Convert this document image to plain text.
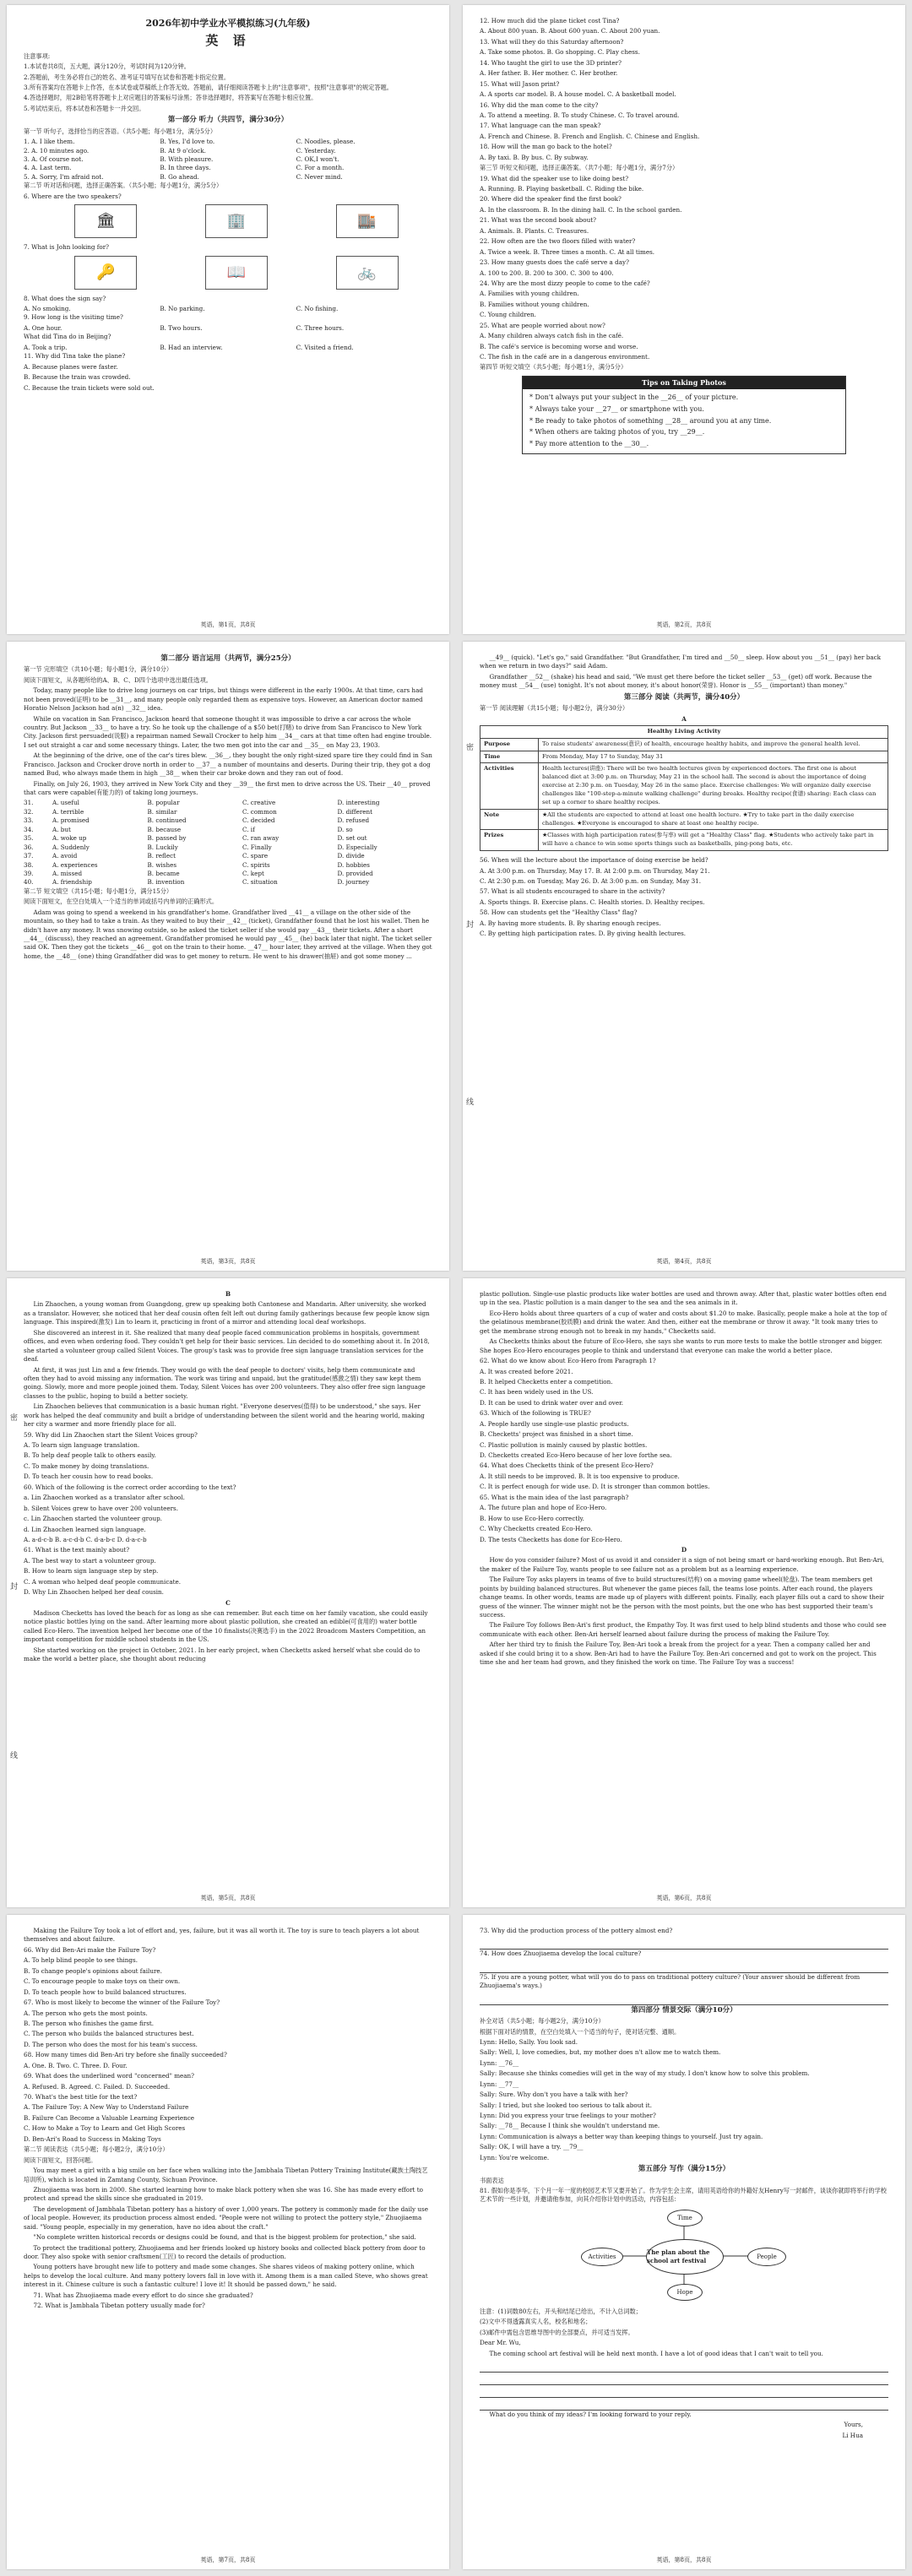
2026年初中学业水平模拟练习(九年级)

英 语

注意事项:

1.本试卷共8页，五大题，满分120分，考试时间为120分钟。

2.答题前，考生务必将自己的姓名、准考证号填写在试卷和答题卡指定位置。

3.所有答案均在答题卡上作答，在本试卷或草稿纸上作答无效。答题前，请仔细阅读答题卡上的"注意事项"，按照"注意事项"的规定答题。

4.答选择题时，用2B铅笔将答题卡上对应题目的答案标号涂黑；答非选择题时，将答案写在答题卡相应位置。

5.考试结束后，将本试卷和答题卡一并交回。

第一部分 听力（共四节，满分30分）

第一节 听句子，选择恰当的应答语。（共5小题；每小题1分，满分5分）

1. A. I like them.	B. Yes, I'd love to.	C. Noodles, please.
2. A. 10 minutes ago.	B. At 9 o'clock.	C. Yesterday.
3. A. Of course not.	B. With pleasure.	C. OK,I won't.
4. A. Last term.	B. In three days.	C. For a month.
5. A. Sorry, I'm afraid not.	B. Go ahead.	C. Never mind.

第二节 听对话和问题，选择正确答案。（共5小题；每小题1分，满分5分）

6. Where are the two speakers?

🏛	🏢	🏬

7. What is John looking for?

🔑	📖	🚲

8. What does the sign say?

A. No smoking.	B. No parking.	C. No fishing.

9. How long is the visiting time?

A. One hour.	B. Two hours.	C. Three hours.

What did Tina do in Beijing?

A. Took a trip.	B. Had an interview.	C. Visited a friend.

11. Why did Tina take the plane?

A. Because planes were faster.

B. Because the train was crowded.

C. Because the train tickets were sold out.

英语，第1页，共8页

12. How much did the plane ticket cost Tina?

A. About 800 yuan. B. About 600 yuan. C. About 200 yuan.

13. What will they do this Saturday afternoon?

A. Take some photos. B. Go shopping. C. Play chess.

14. Who taught the girl to use the 3D printer?

A. Her father. B. Her mother. C. Her brother.

15. What will Jason print?

A. A sports car model. B. A house model. C. A basketball model.

16. Why did the man come to the city?

A. To attend a meeting. B. To study Chinese. C. To travel around.

17. What language can the man speak?

A. French and Chinese. B. French and English. C. Chinese and English.

18. How will the man go back to the hotel?

A. By taxi. B. By bus. C. By subway.

第三节 听短文和问题，选择正确答案。（共7小题；每小题1分，满分7分）

19. What did the speaker use to like doing best?

A. Running. B. Playing basketball. C. Riding the bike.

20. Where did the speaker find the first book?

A. In the classroom. B. In the dining hall. C. In the school garden.

21. What was the second book about?

A. Animals. B. Plants. C. Treasures.

22. How often are the two floors filled with water?

A. Twice a week. B. Three times a month. C. At all times.

23. How many guests does the café serve a day?

A. 100 to 200. B. 200 to 300. C. 300 to 400.

24. Why are the most dizzy people to come to the café?

A. Families with young children.

B. Families without young children.

C. Young children.

25. What are people worried about now?

A. Many children always catch fish in the café.

B. The café's service is becoming worse and worse.

C. The fish in the café are in a dangerous environment.

第四节 听短文填空（共5小题；每小题1分，满分5分）

Tips on Taking Photos

* Don't always put your subject in the __26__ of your picture.

* Always take your __27__ or smartphone with you.

* Be ready to take photos of something __28__ around you at any time.

* When others are taking photos of you, try __29__.

* Pay more attention to the __30__.

英语，第2页，共8页

第二部分 语言运用（共两节，满分25分）

第一节 完形填空（共10小题；每小题1分，满分10分）

阅读下面短文，从各题所给的A、B、C、D四个选项中选出最佳选项。

Today, many people like to drive long journeys on car trips, but things were different in the early 1900s. At that time, cars had not been proved(证明) to be __31__, and many people only regarded them as expensive toys. However, an American doctor named Horatio Nelson Jackson had a(n) __32__ idea.

While on vacation in San Francisco, Jackson heard that someone thought it was impossible to drive a car across the whole country. But Jackson __33__ to have a try. So he took up the challenge of a $50 bet(打赌) to drive from San Francisco to New York City. Jackson first persuaded(说服) a repairman named Sewall Crocker to help him __34__ cars at that time often had engine trouble. I set out straight a car and some necessary things. Later, the two men got into the car and __35__ on May 23, 1903.

At the beginning of the drive, one of the car's tires blew. __36__, they bought the only right-sized spare tire they could find in San Francisco. Jackson and Crocker drove north in order to __37__ a number of mountains and deserts. During their trip, they got a dog named Bud, who always made them in high __38__ when their car broke down and they ran out of food.

Finally, on July 26, 1903, they arrived in New York City and they __39__ the first men to drive across the US. Their __40__ proved that cars were capable(有能力的) of taking long journeys.

31.	A. useful	B. popular	C. creative	D. interesting
32.	A. terrible	B. similar	C. common	D. different
33.	A. promised	B. continued	C. decided	D. refused
34.	A. but	B. because	C. if	D. so
35.	A. woke up	B. passed by	C. ran away	D. set out
36.	A. Suddenly	B. Luckily	C. Finally	D. Especially
37.	A. avoid	B. reflect	C. spare	D. divide
38.	A. experiences	B. wishes	C. spirits	D. hobbies
39.	A. missed	B. became	C. kept	D. provided
40.	A. friendship	B. invention	C. situation	D. journey

第二节 短文填空（共15小题；每小题1分，满分15分）

阅读下面短文，在空白处填入一个适当的单词或括号内单词的正确形式。

Adam was going to spend a weekend in his grandfather's home. Grandfather lived __41__ a village on the other side of the mountain, so they had to take a train. As they waited to buy their __42__ (ticket), Grandfather found that he lost his wallet. Then he didn't have any money. It was snowing outside, so he asked the ticket seller if she would pay __43__ their tickets. After a short __44__ (discuss), they reached an agreement. Grandfather promised he would pay __45__ (he) back later that night. The ticket seller said OK. Then they got the tickets __46__ got on the train to their home. __47__ hour later, they arrived at the village. When they got home, the __48__ (one) thing Grandfather did was to get money to return. He went to his drawer(抽屉) and got some money ...

英语，第3页，共8页
密
封
线

__49__ (quick). "Let's go," said Grandfather. "But Grandfather, I'm tired and __50__ sleep. How about you __51__ (pay) her back when we return in two days?" said Adam.

Grandfather __52__ (shake) his head and said, "We must get there before the ticket seller __53__ (get) off work. Because the money must __54__ (use) tonight. It's not about money, it's about honor(荣誉). Honor is __55__ (important) than money."

第三部分 阅读（共两节，满分40分）

第一节 阅读理解（共15小题；每小题2分，满分30分）

A

Healthy Living Activity	
Purpose	To raise students' awareness(意识) of health, encourage healthy habits, and improve the general health level.
Time	From Monday, May 17 to Sunday, May 31
Activities	Health lectures(讲座): There will be two health lectures given by experienced doctors. The first one is about balanced diet at 3:00 p.m. on Thursday, May 21 in the school hall. The second is about the importance of doing exercise at 2:30 p.m. on Tuesday, May 26 in the same place. Exercise challenges: We will organize daily exercise challenges like "100-step-a-minute walking challenge" during breaks. Healthy recipe(食谱) sharing: Each class can set up a corner to share healthy recipes.
Note	★All the students are expected to attend at least one health lecture. ★Try to take part in the daily exercise challenges. ★Everyone is encouraged to share at least one healthy recipe.
Prizes	★Classes with high participation rates(参与率) will get a "Healthy Class" flag. ★Students who actively take part in will have a chance to win some sports things such as basketballs, ping-pong bats, etc.

56. When will the lecture about the importance of doing exercise be held?

A. At 3:00 p.m. on Thursday, May 17. B. At 2:00 p.m. on Thursday, May 21.

C. At 2:30 p.m. on Tuesday, May 26. D. At 3:00 p.m. on Sunday, May 31.

57. What is all students encouraged to share in the activity?

A. Sports things. B. Exercise plans. C. Health stories. D. Healthy recipes.

58. How can students get the "Healthy Class" flag?

A. By having more students. B. By sharing enough recipes.

C. By getting high participation rates. D. By giving health lectures.

英语，第4页，共8页
密
封
线

B

Lin Zhaochen, a young woman from Guangdong, grew up speaking both Cantonese and Mandarin. After university, she worked as a translator. However, she noticed that her deaf cousin often felt left out during family gatherings because few people know sign language. This inspired(激发) Lin to learn it, practicing in front of a mirror and attending local deaf workshops.

She discovered an interest in it. She realized that many deaf people faced communication problems in hospitals, government offices, and even when ordering food. They couldn't get help for their basic services. Lin decided to do something about it. In 2018, she started a volunteer group called Silent Voices. The group's task was to provide free sign language translation services for the deaf.

At first, it was just Lin and a few friends. They would go with the deaf people to doctors' visits, help them communicate and often they had to avoid missing any information. The work was tiring and unpaid, but the gratitude(感激之情) they saw kept them going. Slowly, more and more people joined them. Today, Silent Voices has over 200 volunteers. They also offer free sign language classes to the public, hoping to build a better society.

Lin Zhaochen believes that communication is a basic human right. "Everyone deserves(值得) to be understood," she says. Her work has helped the deaf community and built a bridge of understanding between the silent world and the hearing world, making her city a warmer and more friendly place for all.

59. Why did Lin Zhaochen start the Silent Voices group?

A. To learn sign language translation.

B. To help deaf people talk to others easily.

C. To make money by doing translations.

D. To teach her cousin how to read books.

60. Which of the following is the correct order according to the text?

a. Lin Zhaochen worked as a translator after school.

b. Silent Voices grew to have over 200 volunteers.

c. Lin Zhaochen started the volunteer group.

d. Lin Zhaochen learned sign language.

A. a-d-c-b B. a-c-d-b C. d-a-b-c D. d-a-c-b

61. What is the text mainly about?

A. The best way to start a volunteer group.

B. How to learn sign language step by step.

C. A woman who helped deaf people communicate.

D. Why Lin Zhaochen helped her deaf cousin.

C

Madison Checketts has loved the beach for as long as she can remember. But each time on her family vacation, she could easily notice plastic bottles lying on the sand. After learning more about plastic pollution, she created an edible(可食用的) water bottle called Eco-Hero. The invention helped her become one of the 10 finalists(决赛选手) in the 2022 Broadcom Masters Competition, an important competition for middle school students in the US.

She started working on the project in October, 2021. In her early project, when Checketts asked herself what she could do to make the world a better place, she thought about reducing

英语，第5页，共8页

plastic pollution. Single-use plastic products like water bottles are used and thrown away. After that, plastic water bottles often end up in the sea. Plastic pollution is a main danger to the sea and the sea animals in it.

Eco-Hero holds about three quarters of a cup of water and costs about $1.20 to make. Basically, people make a hole at the top of the gelatinous membrane(胶质膜) and drink the water. And then, either eat the membrane or throw it away. "It took many tries to get the membrane strong enough not to break in my hands," Checketts said.

As Checketts thinks about the future of Eco-Hero, she says she wants to run more tests to make the bottle stronger and bigger. She hopes Eco-Hero encourages people to think and understand that everyone can make the world a better place.

62. What do we know about Eco-Hero from Paragraph 1?

A. It was created before 2021.

B. It helped Checketts enter a competition.

C. It has been widely used in the US.

D. It can be used to drink water over and over.

63. Which of the following is TRUE?

A. People hardly use single-use plastic products.

B. Checketts' project was finished in a short time.

C. Plastic pollution is mainly caused by plastic bottles.

D. Checketts created Eco-Hero because of her love forthe sea.

64. What does Checketts think of the present Eco-Hero?

A. It still needs to be improved. B. It is too expensive to produce.

C. It is perfect enough for wide use. D. It is stronger than common bottles.

65. What is the main idea of the last paragraph?

A. The future plan and hope of Eco-Hero.

B. How to use Eco-Hero correctly.

C. Why Checketts created Eco-Hero.

D. The tests Checketts has done for Eco-Hero.

D

How do you consider failure? Most of us avoid it and consider it a sign of not being smart or hard-working enough. But Ben-Ari, the maker of the Failure Toy, wants people to see failure not as a problem but as a learning experience.

The Failure Toy asks players in teams of five to build structures(结构) on a moving game wheel(轮盘). The team members get points by building balanced structures. But whenever the game pieces fall, the teams lose points. After each round, the players change teams. In other words, teams are made up of players with different points. Finally, each player fills out a card to show their guess of the winner. The winner might not be the person with the most points, but the one who has best supported their team's success.

The Failure Toy follows Ben-Ari's first product, the Empathy Toy. It was first used to help blind students and those who could see communicate with each other. Ben-Ari herself learned about failure during the process of making the Failure Toy.

After her third try to finish the Failure Toy, Ben-Ari took a break from the project for a year. Then a company called her and asked if she could bring it to a show. Ben-Ari had to have the Failure Toy. Ben-Ari concerned and got to work on the project. This time she and her team had grown, and they finished the work on time. The Failure Toy was a success!

英语，第6页，共8页

Making the Failure Toy took a lot of effort and, yes, failure, but it was all worth it. The toy is sure to teach players a lot about themselves and about failure.

66. Why did Ben-Ari make the Failure Toy?

A. To help blind people to see things.

B. To change people's opinions about failure.

C. To encourage people to make toys on their own.

D. To teach people how to build balanced structures.

67. Who is most likely to become the winner of the Failure Toy?

A. The person who gets the most points.

B. The person who finishes the game first.

C. The person who builds the balanced structures best.

D. The person who does the most for his team's success.

68. How many times did Ben-Ari try before she finally succeeded?

A. One. B. Two. C. Three. D. Four.

69. What does the underlined word "concerned" mean?

A. Refused. B. Agreed. C. Failed. D. Succeeded.

70. What's the best title for the text?

A. The Failure Toy: A New Way to Understand Failure

B. Failure Can Become a Valuable Learning Experience

C. How to Make a Toy to Learn and Get High Scores

D. Ben-Ari's Road to Success in Making Toys

第二节 阅读表达（共5小题；每小题2分，满分10分）

阅读下面短文，回答问题。

You may meet a girl with a big smile on her face when walking into the Jambhala Tibetan Pottery Training Institute(藏族土陶技艺培训所), which is located in Zamtang County, Sichuan Province.

Zhuojiaema was born in 2000. She started learning how to make black pottery when she was 16. She has made every effort to protect and spread the skills since she graduated in 2019.

The development of Jambhala Tibetan pottery has a history of over 1,000 years. The pottery is commonly made for the daily use of local people. However, its production process almost ended. "People were not willing to protect the pottery style," Zhuojiaema said. "Young people, especially in my generation, have no idea about the craft."

"No complete written historical records or designs could be found, and that is the biggest problem for protection," she said.

To protect the traditional pottery, Zhuojiaema and her friends looked up history books and collected black pottery from door to door. They also spoke with senior craftsmen(工匠) to record the details of production.

Young potters have brought new life to pottery and made some changes. She shares videos of making pottery online, which helps to develop the local culture. And many pottery lovers fall in love with it. Among them is a man called Steve, who shows great interest in it. Chinese culture is such a fantastic culture! I love it! It should be passed down," he said.

71. What has Zhuojiaema made every effort to do since she graduated?

72. What is Jambhala Tibetan pottery usually made for?

英语，第7页，共8页

73. Why did the production process of the pottery almost end?

74. How does Zhuojiaema develop the local culture?

75. If you are a young potter, what will you do to pass on traditional pottery culture? (Your answer should be different from Zhuojiaema's ways.)

第四部分 情景交际（满分10分）

补全对话（共5小题；每小题2分，满分10分）

根据下面对话的情景，在空白处填入一个适当的句子，使对话完整、通顺。

Lynn: Hello, Sally. You look sad.

Sally: Well, I, love comedies, but, my mother does n't allow me to watch them.

Lynn: __76__

Sally: Because she thinks comedies will get in the way of my study. I don't know how to solve this problem.

Lynn: __77__

Sally: Sure. Why don't you have a talk with her?

Sally: I tried, but she looked too serious to talk about it.

Lynn: Did you express your true feelings to your mother?

Sally: __78__ Because I think she wouldn't understand me.

Lynn: Communication is always a better way than keeping things to yourself. Just try again.

Sally: OK, I will have a try. __79__

Lynn: You're welcome.

第五部分 写作（满分15分）

书面表达

81. 假如你是李华，下个月一年一度的校园艺术节又要开始了。作为学生会主席，请用英语给你的外籍好友Henry写一封邮件，谈谈你就即将举行的学校艺术节的一些计划，并邀请他参加，向其介绍你计划中的活动，内容包括：

The plan about the school art festival
Time
Activities	People
Hope

注意：(1)词数80左右，开头和结尾已给出，不计入总词数；

(2)文中不得透露真实人名，校名和地名；

(3)邮件中需包含思维导图中的全部要点，并可适当发挥。

Dear Mr. Wu,

The coming school art festival will be held next month. I have a lot of good ideas that I can't wait to tell you.

What do you think of my ideas? I'm looking forward to your reply.

Yours,

Li Hua

英语，第8页，共8页
